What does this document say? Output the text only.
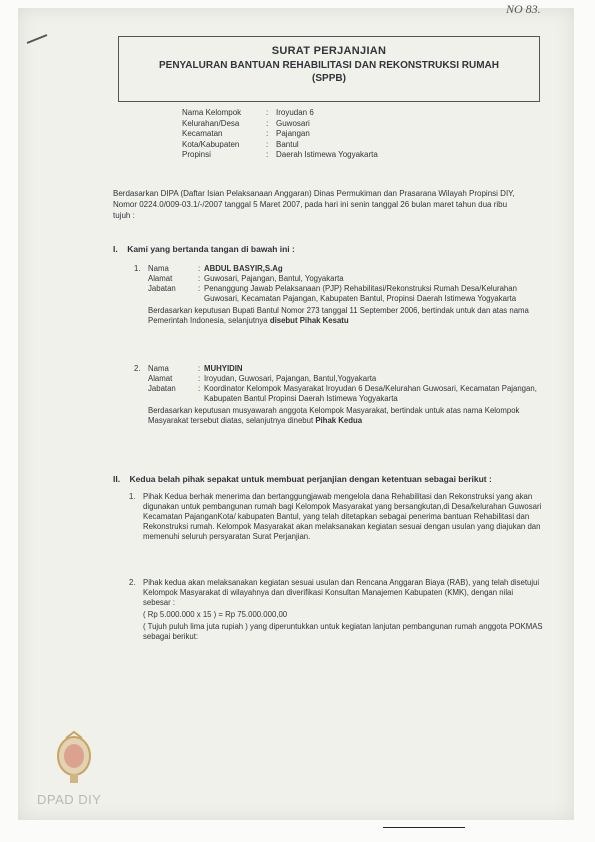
SURAT PERJANJIAN
PENYALURAN BANTUAN REHABILITASI DAN REKONSTRUKSI RUMAH (SPPB)
Nama Kelompok	: Iroyudan 6
Kelurahan/Desa	: Guwosari
Kecamatan	: Pajangan
Kota/Kabupaten	: Bantul
Propinsi	: Daerah Istimewa Yogyakarta
Berdasarkan DIPA (Daftar Isian Pelaksanaan Anggaran) Dinas Permukiman dan Prasarana Wilayah Propinsi DIY, Nomor 0224.0/009-03.1/-/2007 tanggal 5 Maret 2007, pada hari ini senin tanggal 26 bulan maret tahun dua ribu tujuh :
I. Kami yang bertanda tangan di bawah ini :
1. Nama	: ABDUL BASYIR,S.Ag
Alamat	: Guwosari, Pajangan, Bantul, Yogyakarta
Jabatan	: Penanggung Jawab Pelaksanaan (PJP) Rehabilitasi/Rekonstruksi Rumah Desa/Kelurahan Guwosari, Kecamatan Pajangan, Kabupaten Bantul, Propinsi Daerah Istimewa Yogyakarta
Berdasarkan keputusan Bupati Bantul Nomor 273 tanggal 11 September 2006, bertindak untuk dan atas nama Pemerintah Indonesia, selanjutnya disebut Pihak Kesatu
2. Nama	: MUHYIDIN
Alamat	: Iroyudan, Guwosari, Pajangan, Bantul,Yogyakarta
Jabatan	: Koordinator Kelompok Masyarakat Iroyudan 6 Desa/Kelurahan Guwosari, Kecamatan Pajangan, Kabupaten Bantul Propinsi Daerah Istimewa Yogyakarta
Berdasarkan keputusan musyawarah anggota Kelompok Masyarakat, bertindak untuk atas nama Kelompok Masyarakat tersebut diatas, selanjutnya dinebut Pihak Kedua
II. Kedua belah pihak sepakat untuk membuat perjanjian dengan ketentuan sebagai berikut :
1. Pihak Kedua berhak menerima dan bertanggungjawab mengelola dana Rehabilitasi dan Rekonstruksi yang akan digunakan untuk pembangunan rumah bagi Kelompok Masyarakat yang bersangkutan,di Desa/kelurahan Guwosari Kecamatan PajanganKota/ kabupaten Bantul, yang telah ditetapkan sebagai penerima bantuan Rehabilitasi dan Rekonstruksi rumah. Kelompok Masyarakat akan melaksanakan kegiatan sesuai dengan usulan yang diajukan dan memenuhi seluruh persyaratan Surat Perjanjian.
2. Pihak kedua akan melaksanakan kegiatan sesuai usulan dan Rencana Anggaran Biaya (RAB), yang telah disetujui Kelompok Masyarakat di wilayahnya dan diverifikasi Konsultan Manajemen Kabupaten (KMK), dengan nilai sebesar :
( Rp 5.000.000 x 15 ) = Rp 75.000.000,00
( Tujuh puluh lima juta rupiah ) yang diperuntukkan untuk kegiatan lanjutan pembangunan rumah anggota POKMAS sebagai berikut:
DPAD DIY
NO 83.
